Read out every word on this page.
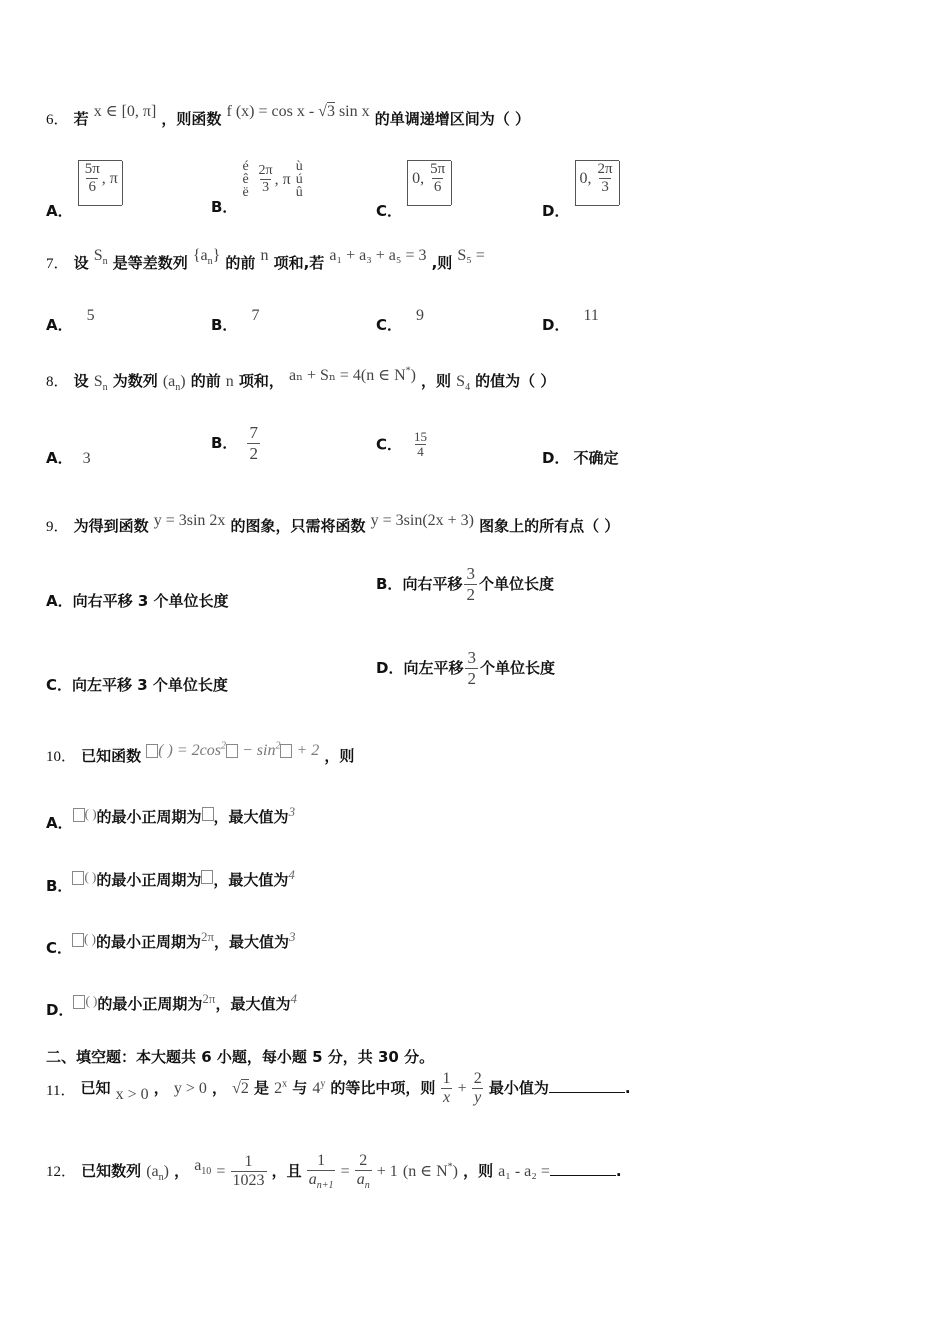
6． 若 x ∈ [0, π] ，则函数 f (x) = cos x - √3 sin x 的单调递增区间为（ ）
A．
$\frac{5\pi}{6}$ , π
B． é
ê
ë $\frac{2\pi}{3}$ , π ù
ú
û
C． 0, $\frac{5\pi}{6}$
D． 0, $\frac{2\pi}{3}$
7． 设 $S_n$ 是等差数列 $\{a_n\}$ 的前 n 项和,若 a₁ + a₃ + a₅ = 3 ,则 S₅ =
A．5
B．7
C．9
D．11
8． 设 $S_n$ 为数列 $(a_n)$ 的前 n 项和， aₙ + Sₙ = 4(n ∈ N*) ，则 $S_4$ 的值为（ ）
A． 3
B． $\frac{7}{2}$	C． $\frac{15}{4}$	D． 不确定
9． 为得到函数 y = 3sin 2x 的图象，只需将函数 y = 3sin(2x + 3) 图象上的所有点（ ）
A．向右平移 3 个单位长度
B．向右平移 $\frac{3}{2}$ 个单位长度
C．向左平移 3 个单位长度
D．向左平移 $\frac{3}{2}$ 个单位长度
10． 已知函数 ( ) = $2\cos^2 - \sin^2 + 2$ ，则
A．( )的最小正周期为 ，最大值为$^3$
B．( )的最小正周期为 ，最大值为$^4$
C．( )的最小正周期为$^{2\pi}$，最大值为$^3$
D．( )的最小正周期为$^{2\pi}$，最大值为$^4$
二、填空题：本大题共 6 小题，每小题 5 分，共 30 分。
11． 已知 x > 0 ， y > 0 ， √2 是 2$^x$ 与 4$^y$ 的等比中项，则 $\frac{1}{x} + \frac{2}{y}$ 最小值为	.
12． 已知数列 $(a_n)$ ， $a_{10} = \frac{1}{1023}$ ，且 $\frac{1}{a_{n+1}} = \frac{2}{a_n} + 1$ (n ∈ N*) ，则 a₁ - a₂ =	.
